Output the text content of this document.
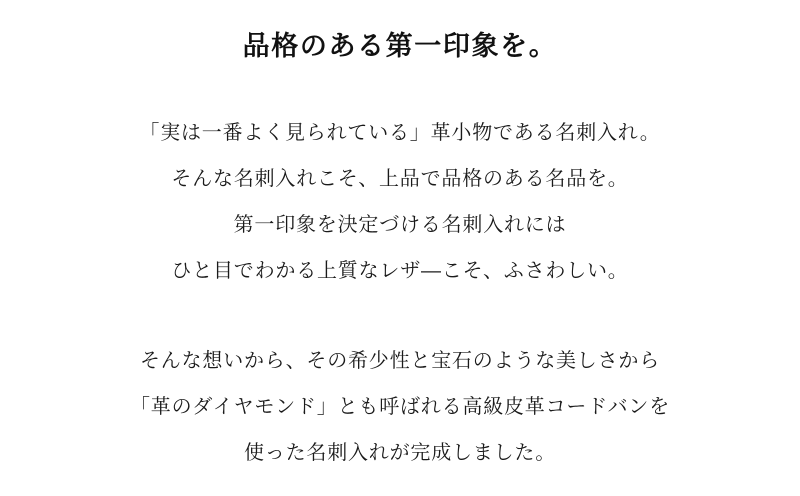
品格のある第一印象を。
「実は一番よく見られている」革小物である名刺入れ。
そんな名刺入れこそ、上品で品格のある名品を。
第一印象を決定づける名刺入れには
ひと目でわかる上質なレザ―こそ、ふさわしい。
そんな想いから、その希少性と宝石のような美しさから
「革のダイヤモンド」とも呼ばれる高級皮革コードバンを
使った名刺入れが完成しました。
